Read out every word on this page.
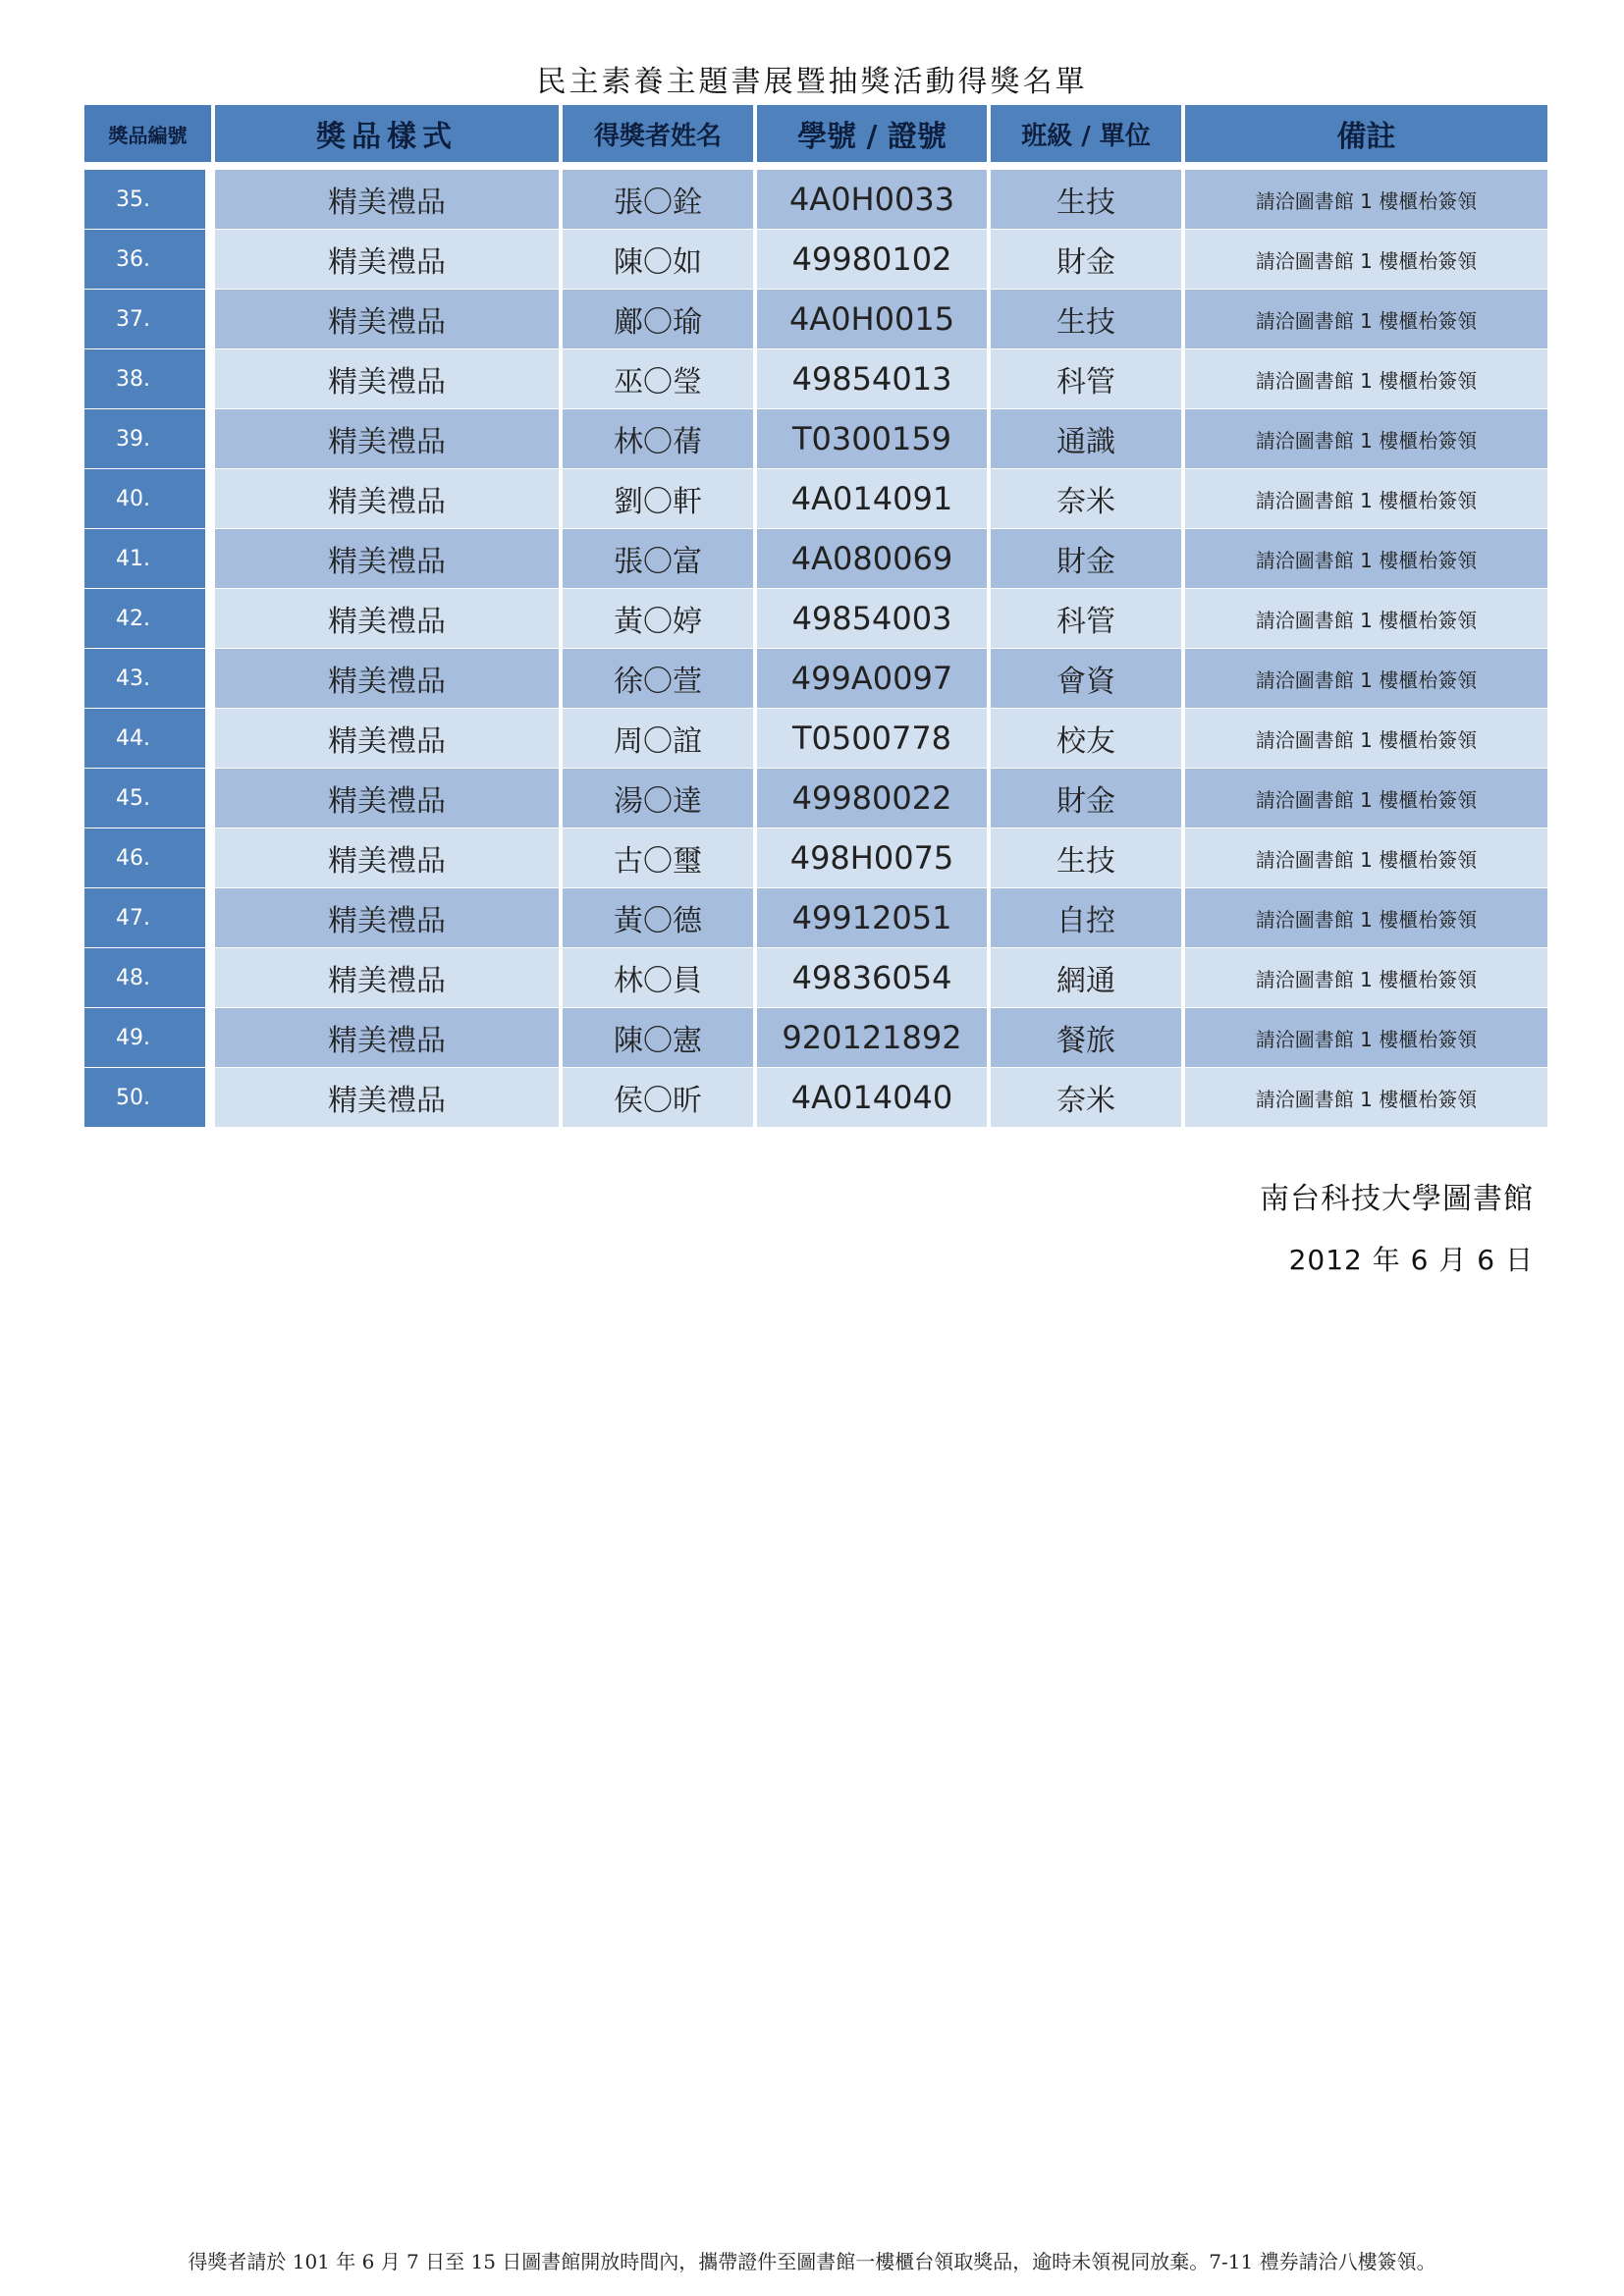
民主素養主題書展暨抽獎活動得獎名單
獎品編號	獎品樣式	得獎者姓名	學號 / 證號	班級 / 單位	備註
35.	精美禮品	張〇銓	4A0H0033	生技	請洽圖書館 1 樓櫃枱簽領
36.	精美禮品	陳〇如	49980102	財金	請洽圖書館 1 樓櫃枱簽領
37.	精美禮品	鄺〇瑜	4A0H0015	生技	請洽圖書館 1 樓櫃枱簽領
38.	精美禮品	巫〇瑩	49854013	科管	請洽圖書館 1 樓櫃枱簽領
39.	精美禮品	林〇蒨	T0300159	通識	請洽圖書館 1 樓櫃枱簽領
40.	精美禮品	劉〇軒	4A014091	奈米	請洽圖書館 1 樓櫃枱簽領
41.	精美禮品	張〇富	4A080069	財金	請洽圖書館 1 樓櫃枱簽領
42.	精美禮品	黃〇婷	49854003	科管	請洽圖書館 1 樓櫃枱簽領
43.	精美禮品	徐〇萱	499A0097	會資	請洽圖書館 1 樓櫃枱簽領
44.	精美禮品	周〇誼	T0500778	校友	請洽圖書館 1 樓櫃枱簽領
45.	精美禮品	湯〇達	49980022	財金	請洽圖書館 1 樓櫃枱簽領
46.	精美禮品	古〇璽	498H0075	生技	請洽圖書館 1 樓櫃枱簽領
47.	精美禮品	黃〇德	49912051	自控	請洽圖書館 1 樓櫃枱簽領
48.	精美禮品	林〇員	49836054	網通	請洽圖書館 1 樓櫃枱簽領
49.	精美禮品	陳〇憲	920121892	餐旅	請洽圖書館 1 樓櫃枱簽領
50.	精美禮品	侯〇昕	4A014040	奈米	請洽圖書館 1 樓櫃枱簽領
南台科技大學圖書館
2012 年 6 月 6 日
得獎者請於 101 年 6 月 7 日至 15 日圖書館開放時間內，攜帶證件至圖書館一樓櫃台領取獎品，逾時未領視同放棄。7-11 禮券請洽八樓簽領。
